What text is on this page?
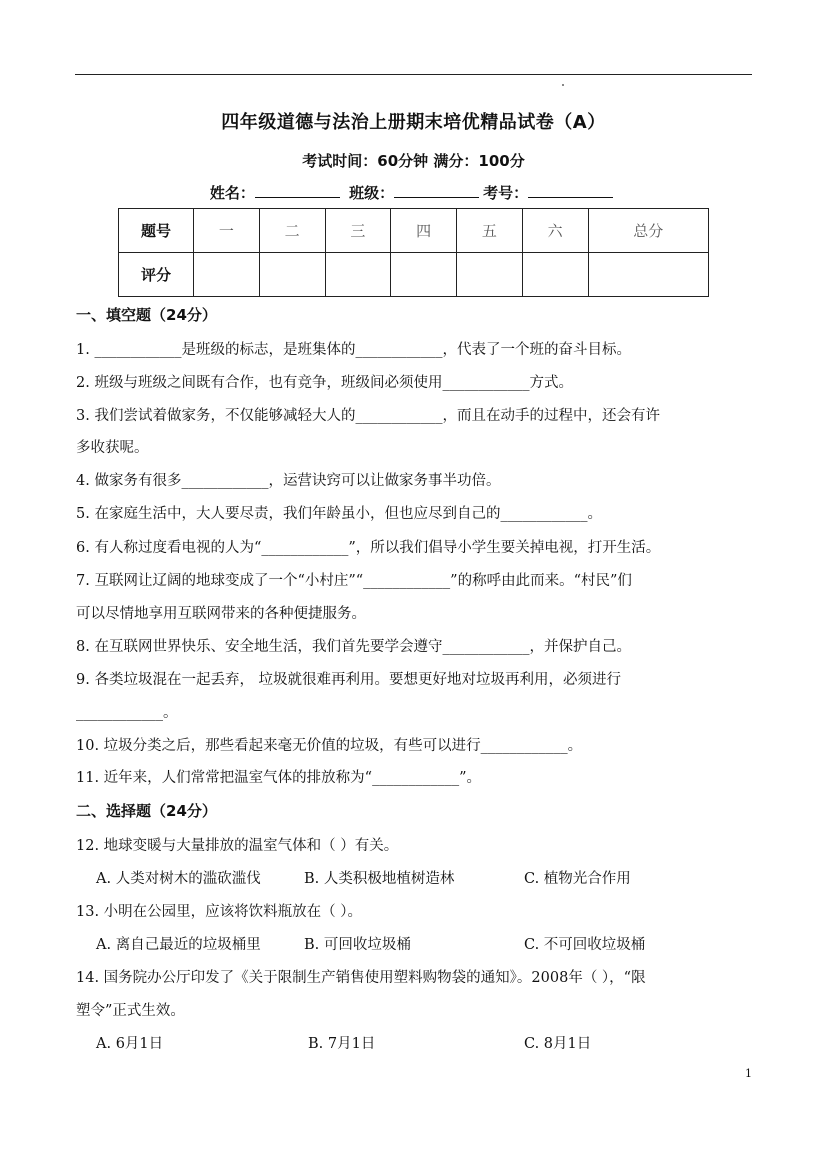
四年级道德与法治上册期末培优精品试卷（A）
考试时间：60分钟 满分：100分
姓名：	班级：	考号：
题号	一	二	三	四	五	六	总分
评分							
一、填空题（24分）
1. ____________是班级的标志，是班集体的____________，代表了一个班的奋斗目标。
2. 班级与班级之间既有合作，也有竞争，班级间必须使用____________方式。
3. 我们尝试着做家务，不仅能够减轻大人的____________，而且在动手的过程中，还会有许
多收获呢。
4. 做家务有很多____________，运营诀窍可以让做家务事半功倍。
5. 在家庭生活中，大人要尽责，我们年龄虽小，但也应尽到自己的____________。
6. 有人称过度看电视的人为“____________”，所以我们倡导小学生要关掉电视，打开生活。
7. 互联网让辽阔的地球变成了一个“小村庄”“____________”的称呼由此而来。“村民”们
可以尽情地享用互联网带来的各种便捷服务。
8. 在互联网世界快乐、安全地生活，我们首先要学会遵守____________，并保护自己。
9. 各类垃圾混在一起丢弃， 垃圾就很难再利用。要想更好地对垃圾再利用，必须进行
____________。
10. 垃圾分类之后，那些看起来毫无价值的垃圾，有些可以进行____________。
11. 近年来，人们常常把温室气体的排放称为“____________”。
二、选择题（24分）
12. 地球变暖与大量排放的温室气体和（ ）有关。
A. 人类对树木的滥砍滥伐	B. 人类积极地植树造林	C. 植物光合作用
13. 小明在公园里，应该将饮料瓶放在（ ）。
A. 离自己最近的垃圾桶里	B. 可回收垃圾桶	C. 不可回收垃圾桶
14. 国务院办公厅印发了《关于限制生产销售使用塑料购物袋的通知》。2008年（ ），“限
塑令”正式生效。
A. 6月1日	B. 7月1日	C. 8月1日
1
